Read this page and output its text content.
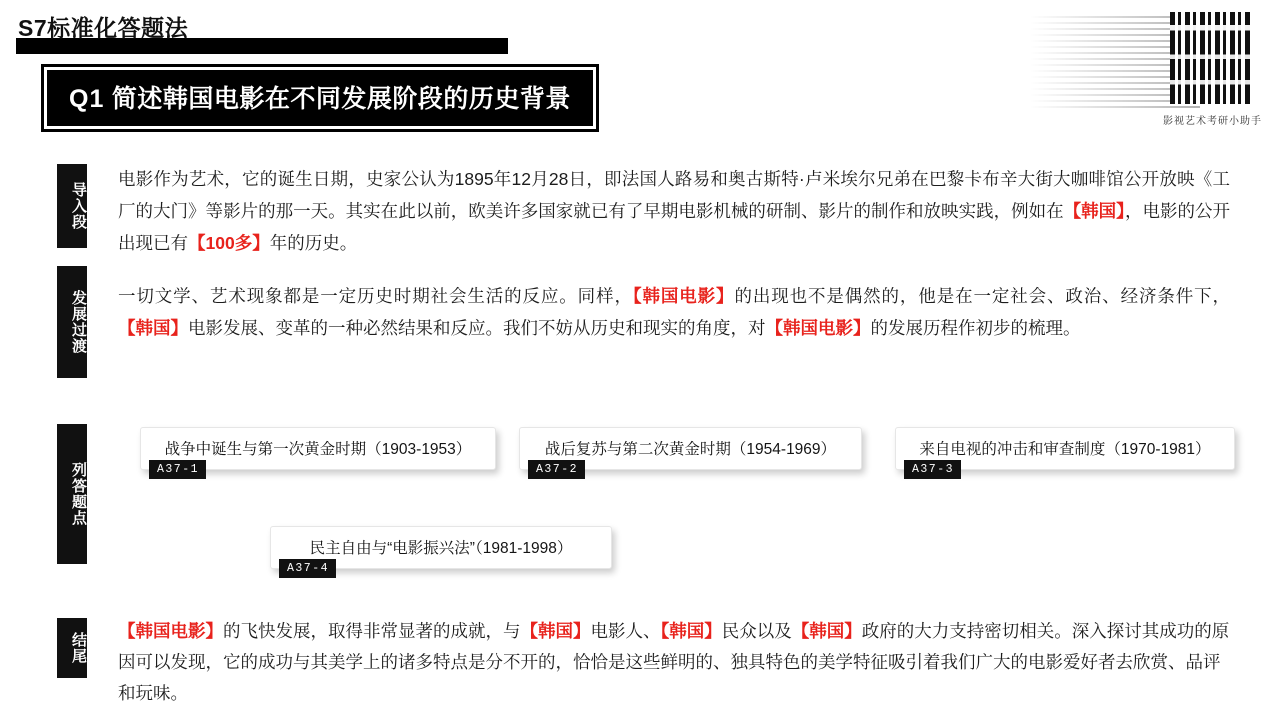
S7标准化答题法
Q1 简述韩国电影在不同发展阶段的历史背景
影视艺术考研小助手
导入段
电影作为艺术，它的诞生日期，史家公认为1895年12月28日，即法国人路易和奥古斯特·卢米埃尔兄弟在巴黎卡布辛大街大咖啡馆公开放映《工厂的大门》等影片的那一天。其实在此以前，欧美许多国家就已有了早期电影机械的研制、影片的制作和放映实践，例如在【韩国】，电影的公开出现已有【100多】年的历史。
发展过渡 一切文学、艺术现象都是一定历史时期社会生活的反应。同样，【韩国电影】的出现也不是偶然的，他是在一定社会、政治、经济条件下，【韩国】电影发展、变革的一种必然结果和反应。我们不妨从历史和现实的角度，对【韩国电影】的发展历程作初步的梳理。
列答题点
战争中诞生与第一次黄金时期（1903-1953）
A37-1
战后复苏与第二次黄金时期（1954-1969）
A37-2
来自电视的冲击和审查制度（1970-1981）
A37-3
民主自由与“电影振兴法”（1981-1998）
A37-4
结尾
【韩国电影】的飞快发展，取得非常显著的成就，与【韩国】电影人、【韩国】民众以及【韩国】政府的大力支持密切相关。深入探讨其成功的原因可以发现，它的成功与其美学上的诸多特点是分不开的，恰恰是这些鲜明的、独具特色的美学特征吸引着我们广大的电影爱好者去欣赏、品评和玩味。
